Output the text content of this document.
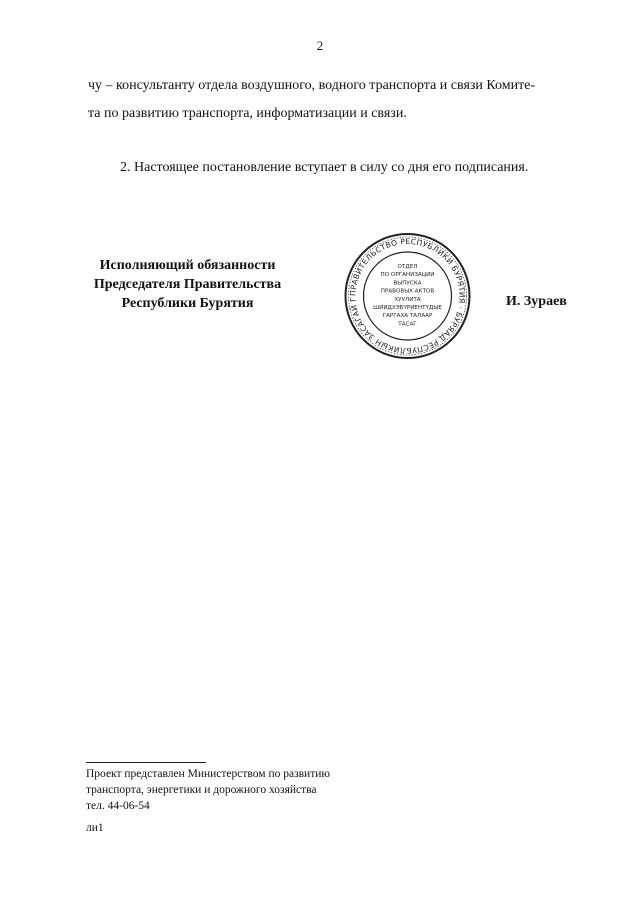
2
чу – консультанту отдела воздушного, водного транспорта и связи Комите-
та по развитию транспорта, информатизации и связи.
2. Настоящее постановление вступает в силу со дня его подписания.
Исполняющий обязанности
Председателя Правительства
Республики Бурятия
ПРАВИТЕЛЬСТВО РЕСПУБЛИКИ БУРЯТИЯ · БУРЯАД РЕСПУБЛИКЫН ЗАСАГАЙ Г
ОТДЕЛ
ПО ОРГАНИЗАЦИИ
ВЫПУСКА
ПРАВОВЫХ АКТОВ
ХУУЛИТА
ШИИДХЭБҮРИЕНТҮДЫЕ
ГАРГАХА ТАЛААР
ТАСАГ
И. Зураев
Проект представлен Министерством по развитию
транспорта, энергетики и дорожного хозяйства
тел. 44-06-54
ли1
